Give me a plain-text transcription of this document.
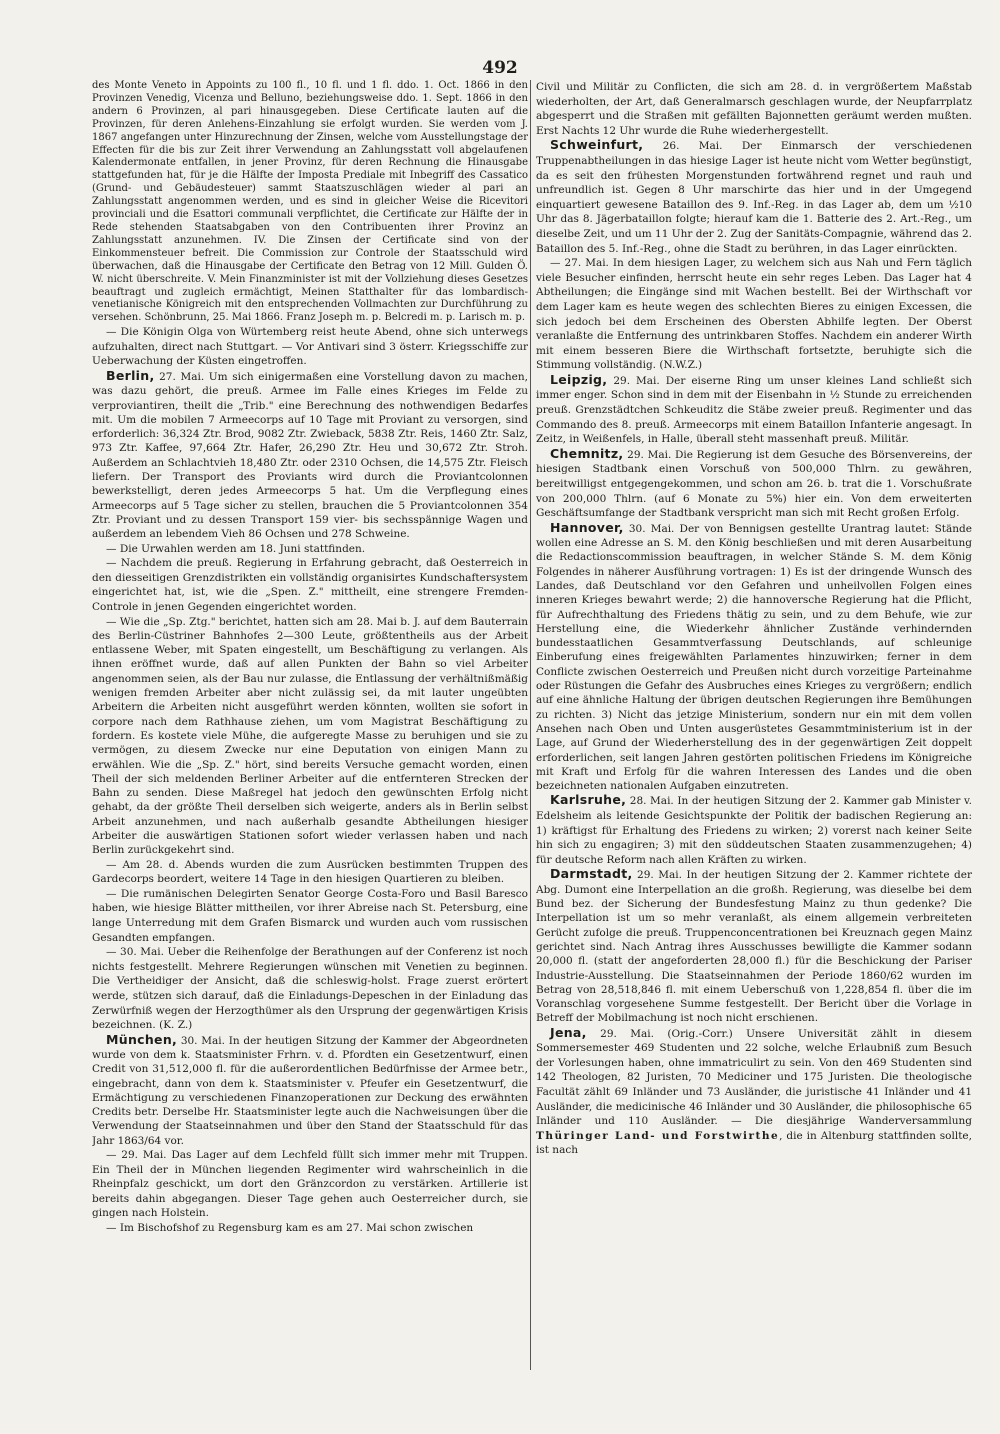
492

des Monte Veneto in Appoints zu 100 fl., 10 fl. und 1 fl. ddo. 1. Oct. 1866 in den Provinzen Venedig, Vicenza und Belluno, beziehungsweise ddo. 1. Sept. 1866 in den andern 6 Provinzen, al pari hinausgegeben. Diese Certificate lauten auf die Provinzen, für deren Anlehens-Einzahlung sie erfolgt wurden. Sie werden vom J. 1867 angefangen unter Hinzurechnung der Zinsen, welche vom Ausstellungstage der Effecten für die bis zur Zeit ihrer Verwendung an Zahlungsstatt voll abgelaufenen Kalendermonate entfallen, in jener Provinz, für deren Rechnung die Hinausgabe stattgefunden hat, für je die Hälfte der Imposta Prediale mit Inbegriff des Cassatico (Grund- und Gebäudesteuer) sammt Staatszuschlägen wieder al pari an Zahlungsstatt angenommen werden, und es sind in gleicher Weise die Ricevitori provinciali und die Esattori communali verpflichtet, die Certificate zur Hälfte der in Rede stehenden Staatsabgaben von den Contribuenten ihrer Provinz an Zahlungsstatt anzunehmen. IV. Die Zinsen der Certificate sind von der Einkommensteuer befreit. Die Commission zur Controle der Staatsschuld wird überwachen, daß die Hinausgabe der Certificate den Betrag von 12 Mill. Gulden Ö. W. nicht überschreite. V. Mein Finanzminister ist mit der Vollziehung dieses Gesetzes beauftragt und zugleich ermächtigt, Meinen Statthalter für das lombardisch-venetianische Königreich mit den entsprechenden Vollmachten zur Durchführung zu versehen. Schönbrunn, 25. Mai 1866. Franz Joseph m. p. Belcredi m. p. Larisch m. p.

— Die Königin Olga von Würtemberg reist heute Abend, ohne sich unterwegs aufzuhalten, direct nach Stuttgart. — Vor Antivari sind 3 österr. Kriegsschiffe zur Ueberwachung der Küsten eingetroffen.

Berlin, 27. Mai. Um sich einigermaßen eine Vorstellung davon zu machen, was dazu gehört, die preuß. Armee im Falle eines Krieges im Felde zu verproviantiren, theilt die „Trib." eine Berechnung des nothwendigen Bedarfes mit. Um die mobilen 7 Armeecorps auf 10 Tage mit Proviant zu versorgen, sind erforderlich: 36,324 Ztr. Brod, 9082 Ztr. Zwieback, 5838 Ztr. Reis, 1460 Ztr. Salz, 973 Ztr. Kaffee, 97,664 Ztr. Hafer, 26,290 Ztr. Heu und 30,672 Ztr. Stroh. Außerdem an Schlachtvieh 18,480 Ztr. oder 2310 Ochsen, die 14,575 Ztr. Fleisch liefern. Der Transport des Proviants wird durch die Proviantcolonnen bewerkstelligt, deren jedes Armeecorps 5 hat. Um die Verpflegung eines Armeecorps auf 5 Tage sicher zu stellen, brauchen die 5 Proviantcolonnen 354 Ztr. Proviant und zu dessen Transport 159 vier- bis sechsspännige Wagen und außerdem an lebendem Vieh 86 Ochsen und 278 Schweine.

— Die Urwahlen werden am 18. Juni stattfinden.

— Nachdem die preuß. Regierung in Erfahrung gebracht, daß Oesterreich in den diesseitigen Grenzdistrikten ein vollständig organisirtes Kundschaftersystem eingerichtet hat, ist, wie die „Spen. Z." mittheilt, eine strengere Fremden-Controle in jenen Gegenden eingerichtet worden.

— Wie die „Sp. Ztg." berichtet, hatten sich am 28. Mai b. J. auf dem Bauterrain des Berlin-Cüstriner Bahnhofes 2—300 Leute, größtentheils aus der Arbeit entlassene Weber, mit Spaten eingestellt, um Beschäftigung zu verlangen. Als ihnen eröffnet wurde, daß auf allen Punkten der Bahn so viel Arbeiter angenommen seien, als der Bau nur zulasse, die Entlassung der verhältnißmäßig wenigen fremden Arbeiter aber nicht zulässig sei, da mit lauter ungeübten Arbeitern die Arbeiten nicht ausgeführt werden könnten, wollten sie sofort in corpore nach dem Rathhause ziehen, um vom Magistrat Beschäftigung zu fordern. Es kostete viele Mühe, die aufgeregte Masse zu beruhigen und sie zu vermögen, zu diesem Zwecke nur eine Deputation von einigen Mann zu erwählen. Wie die „Sp. Z." hört, sind bereits Versuche gemacht worden, einen Theil der sich meldenden Berliner Arbeiter auf die entfernteren Strecken der Bahn zu senden. Diese Maßregel hat jedoch den gewünschten Erfolg nicht gehabt, da der größte Theil derselben sich weigerte, anders als in Berlin selbst Arbeit anzunehmen, und nach außerhalb gesandte Abtheilungen hiesiger Arbeiter die auswärtigen Stationen sofort wieder verlassen haben und nach Berlin zurückgekehrt sind.

— Am 28. d. Abends wurden die zum Ausrücken bestimmten Truppen des Gardecorps beordert, weitere 14 Tage in den hiesigen Quartieren zu bleiben.

— Die rumänischen Delegirten Senator George Costa-Foro und Basil Baresco haben, wie hiesige Blätter mittheilen, vor ihrer Abreise nach St. Petersburg, eine lange Unterredung mit dem Grafen Bismarck und wurden auch vom russischen Gesandten empfangen.

— 30. Mai. Ueber die Reihenfolge der Berathungen auf der Conferenz ist noch nichts festgestellt. Mehrere Regierungen wünschen mit Venetien zu beginnen. Die Vertheidiger der Ansicht, daß die schleswig-holst. Frage zuerst erörtert werde, stützen sich darauf, daß die Einladungs-Depeschen in der Einladung das Zerwürfniß wegen der Herzogthümer als den Ursprung der gegenwärtigen Krisis bezeichnen. (K. Z.)

München, 30. Mai. In der heutigen Sitzung der Kammer der Abgeordneten wurde von dem k. Staatsminister Frhrn. v. d. Pfordten ein Gesetzentwurf, einen Credit von 31,512,000 fl. für die außerordentlichen Bedürfnisse der Armee betr., eingebracht, dann von dem k. Staatsminister v. Pfeufer ein Gesetzentwurf, die Ermächtigung zu verschiedenen Finanzoperationen zur Deckung des erwähnten Credits betr. Derselbe Hr. Staatsminister legte auch die Nachweisungen über die Verwendung der Staatseinnahmen und über den Stand der Staatsschuld für das Jahr 1863/64 vor.

— 29. Mai. Das Lager auf dem Lechfeld füllt sich immer mehr mit Truppen. Ein Theil der in München liegenden Regimenter wird wahrscheinlich in die Rheinpfalz geschickt, um dort den Gränzcordon zu verstärken. Artillerie ist bereits dahin abgegangen. Dieser Tage gehen auch Oesterreicher durch, sie gingen nach Holstein.

— Im Bischofshof zu Regensburg kam es am 27. Mai schon zwischen

Civil und Militär zu Conflicten, die sich am 28. d. in vergrößertem Maßstab wiederholten, der Art, daß Generalmarsch geschlagen wurde, der Neupfarrplatz abgesperrt und die Straßen mit gefällten Bajonnetten geräumt werden mußten. Erst Nachts 12 Uhr wurde die Ruhe wiederhergestellt.

Schweinfurt, 26. Mai. Der Einmarsch der verschiedenen Truppenabtheilungen in das hiesige Lager ist heute nicht vom Wetter begünstigt, da es seit den frühesten Morgenstunden fortwährend regnet und rauh und unfreundlich ist. Gegen 8 Uhr marschirte das hier und in der Umgegend einquartiert gewesene Bataillon des 9. Inf.-Reg. in das Lager ab, dem um ½10 Uhr das 8. Jägerbataillon folgte; hierauf kam die 1. Batterie des 2. Art.-Reg., um dieselbe Zeit, und um 11 Uhr der 2. Zug der Sanitäts-Compagnie, während das 2. Bataillon des 5. Inf.-Reg., ohne die Stadt zu berühren, in das Lager einrückten.

— 27. Mai. In dem hiesigen Lager, zu welchem sich aus Nah und Fern täglich viele Besucher einfinden, herrscht heute ein sehr reges Leben. Das Lager hat 4 Abtheilungen; die Eingänge sind mit Wachen bestellt. Bei der Wirthschaft vor dem Lager kam es heute wegen des schlechten Bieres zu einigen Excessen, die sich jedoch bei dem Erscheinen des Obersten Abhilfe legten. Der Oberst veranlaßte die Entfernung des untrinkbaren Stoffes. Nachdem ein anderer Wirth mit einem besseren Biere die Wirthschaft fortsetzte, beruhigte sich die Stimmung vollständig. (N.W.Z.)

Leipzig, 29. Mai. Der eiserne Ring um unser kleines Land schließt sich immer enger. Schon sind in dem mit der Eisenbahn in ½ Stunde zu erreichenden preuß. Grenzstädtchen Schkeuditz die Stäbe zweier preuß. Regimenter und das Commando des 8. preuß. Armeecorps mit einem Bataillon Infanterie angesagt. In Zeitz, in Weißenfels, in Halle, überall steht massenhaft preuß. Militär.

Chemnitz, 29. Mai. Die Regierung ist dem Gesuche des Börsenvereins, der hiesigen Stadtbank einen Vorschuß von 500,000 Thlrn. zu gewähren, bereitwilligst entgegengekommen, und schon am 26. b. trat die 1. Vorschußrate von 200,000 Thlrn. (auf 6 Monate zu 5%) hier ein. Von dem erweiterten Geschäftsumfange der Stadtbank verspricht man sich mit Recht großen Erfolg.

Hannover, 30. Mai. Der von Bennigsen gestellte Urantrag lautet: Stände wollen eine Adresse an S. M. den König beschließen und mit deren Ausarbeitung die Redactionscommission beauftragen, in welcher Stände S. M. dem König Folgendes in näherer Ausführung vortragen: 1) Es ist der dringende Wunsch des Landes, daß Deutschland vor den Gefahren und unheilvollen Folgen eines inneren Krieges bewahrt werde; 2) die hannoversche Regierung hat die Pflicht, für Aufrechthaltung des Friedens thätig zu sein, und zu dem Behufe, wie zur Herstellung eine, die Wiederkehr ähnlicher Zustände verhindernden bundesstaatlichen Gesammtverfassung Deutschlands, auf schleunige Einberufung eines freigewählten Parlamentes hinzuwirken; ferner in dem Conflicte zwischen Oesterreich und Preußen nicht durch vorzeitige Parteinahme oder Rüstungen die Gefahr des Ausbruches eines Krieges zu vergrößern; endlich auf eine ähnliche Haltung der übrigen deutschen Regierungen ihre Bemühungen zu richten. 3) Nicht das jetzige Ministerium, sondern nur ein mit dem vollen Ansehen nach Oben und Unten ausgerüstetes Gesammtministerium ist in der Lage, auf Grund der Wiederherstellung des in der gegenwärtigen Zeit doppelt erforderlichen, seit langen Jahren gestörten politischen Friedens im Königreiche mit Kraft und Erfolg für die wahren Interessen des Landes und die oben bezeichneten nationalen Aufgaben einzutreten.

Karlsruhe, 28. Mai. In der heutigen Sitzung der 2. Kammer gab Minister v. Edelsheim als leitende Gesichtspunkte der Politik der badischen Regierung an: 1) kräftigst für Erhaltung des Friedens zu wirken; 2) vorerst nach keiner Seite hin sich zu engagiren; 3) mit den süddeutschen Staaten zusammenzugehen; 4) für deutsche Reform nach allen Kräften zu wirken.

Darmstadt, 29. Mai. In der heutigen Sitzung der 2. Kammer richtete der Abg. Dumont eine Interpellation an die großh. Regierung, was dieselbe bei dem Bund bez. der Sicherung der Bundesfestung Mainz zu thun gedenke? Die Interpellation ist um so mehr veranlaßt, als einem allgemein verbreiteten Gerücht zufolge die preuß. Truppenconcentrationen bei Kreuznach gegen Mainz gerichtet sind. Nach Antrag ihres Ausschusses bewilligte die Kammer sodann 20,000 fl. (statt der angeforderten 28,000 fl.) für die Beschickung der Pariser Industrie-Ausstellung. Die Staatseinnahmen der Periode 1860/62 wurden im Betrag von 28,518,846 fl. mit einem Ueberschuß von 1,228,854 fl. über die im Voranschlag vorgesehene Summe festgestellt. Der Bericht über die Vorlage in Betreff der Mobilmachung ist noch nicht erschienen.

Jena, 29. Mai. (Orig.-Corr.) Unsere Universität zählt in diesem Sommersemester 469 Studenten und 22 solche, welche Erlaubniß zum Besuch der Vorlesungen haben, ohne immatriculirt zu sein. Von den 469 Studenten sind 142 Theologen, 82 Juristen, 70 Mediciner und 175 Juristen. Die theologische Facultät zählt 69 Inländer und 73 Ausländer, die juristische 41 Inländer und 41 Ausländer, die medicinische 46 Inländer und 30 Ausländer, die philosophische 65 Inländer und 110 Ausländer. — Die diesjährige Wanderversammlung Thüringer Land- und Forstwirthe, die in Altenburg stattfinden sollte, ist nach
